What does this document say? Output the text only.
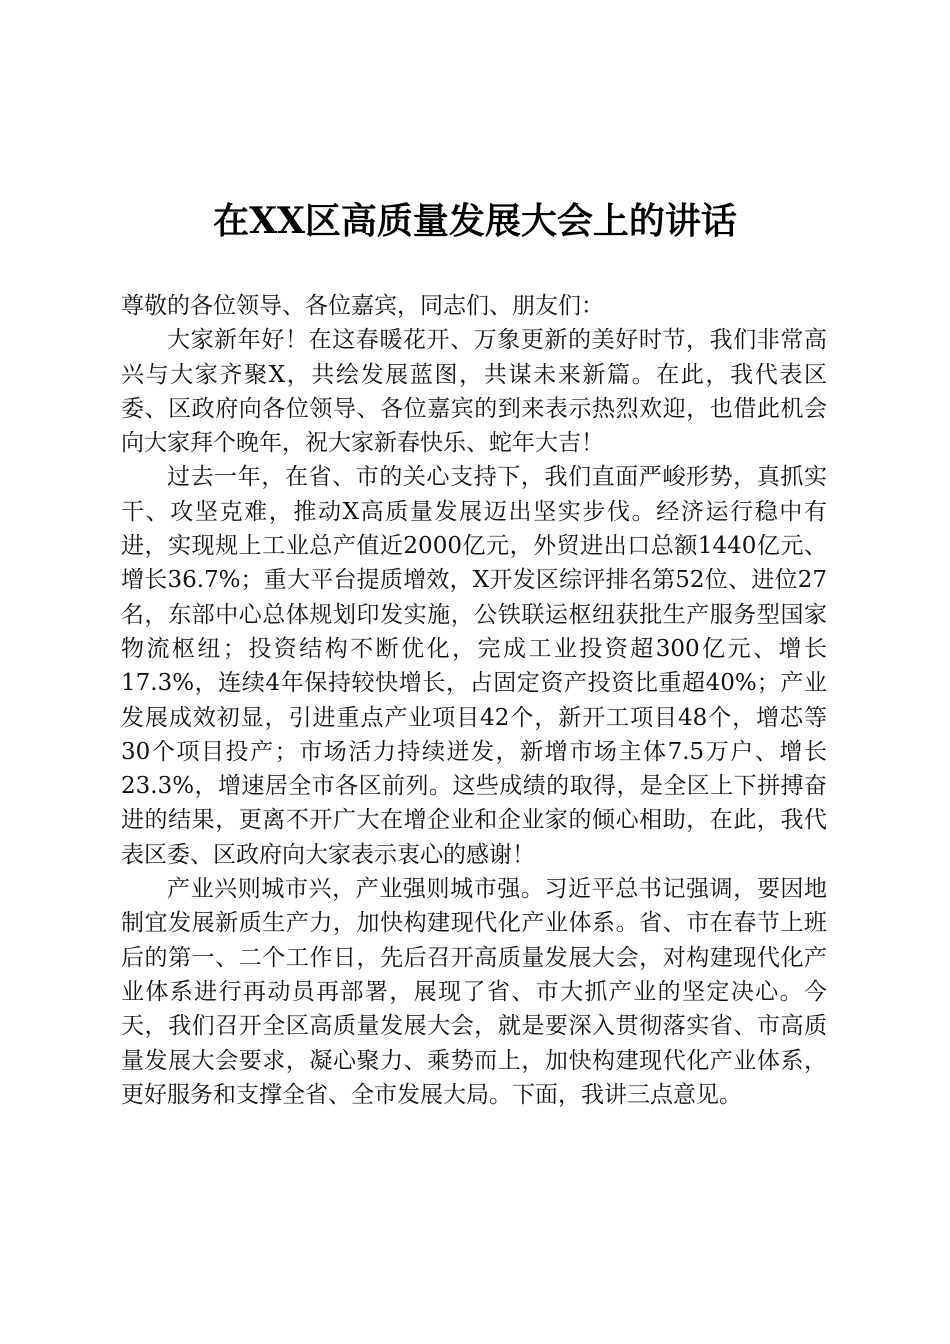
在XX区高质量发展大会上的讲话

尊敬的各位领导、各位嘉宾，同志们、朋友们：

大家新年好！在这春暖花开、万象更新的美好时节，我们非常高兴与大家齐聚X，共绘发展蓝图，共谋未来新篇。在此，我代表区委、区政府向各位领导、各位嘉宾的到来表示热烈欢迎，也借此机会向大家拜个晚年，祝大家新春快乐、蛇年大吉！

过去一年，在省、市的关心支持下，我们直面严峻形势，真抓实干、攻坚克难，推动X高质量发展迈出坚实步伐。经济运行稳中有进，实现规上工业总产值近2000亿元，外贸进出口总额1440亿元、增长36.7%；重大平台提质增效，X开发区综评排名第52位、进位27名，东部中心总体规划印发实施，公铁联运枢纽获批生产服务型国家物流枢纽；投资结构不断优化，完成工业投资超300亿元、增长17.3%，连续4年保持较快增长，占固定资产投资比重超40%；产业发展成效初显，引进重点产业项目42个，新开工项目48个，增芯等30个项目投产；市场活力持续迸发，新增市场主体7.5万户、增长23.3%，增速居全市各区前列。这些成绩的取得，是全区上下拼搏奋进的结果，更离不开广大在增企业和企业家的倾心相助，在此，我代表区委、区政府向大家表示衷心的感谢！

产业兴则城市兴，产业强则城市强。习近平总书记强调，要因地制宜发展新质生产力，加快构建现代化产业体系。省、市在春节上班后的第一、二个工作日，先后召开高质量发展大会，对构建现代化产业体系进行再动员再部署，展现了省、市大抓产业的坚定决心。今天，我们召开全区高质量发展大会，就是要深入贯彻落实省、市高质量发展大会要求，凝心聚力、乘势而上，加快构建现代化产业体系，更好服务和支撑全省、全市发展大局。下面，我讲三点意见。
